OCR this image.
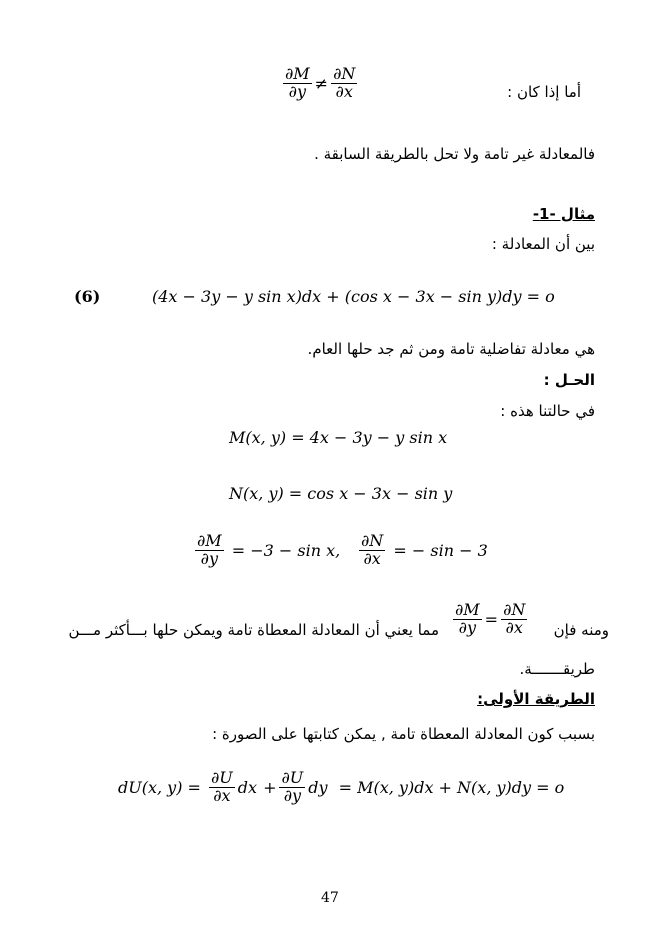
$\frac{\partial M}{\partial y} \ne \frac{\partial N}{\partial x}$	أما إذا كان :
فالمعادلة غير تامة ولا تحل بالطريقة السابقة .
مثال -1-
بين أن المعادلة :
(6)	(4x − 3y − y sin x)dx + (cos x − 3x − sin y)dy = o
هي معادلة تفاضلية تامة ومن ثم جد حلها العام.
الحـل :
في حالتنا هذه :
M(x, y) = 4x − 3y − y sin x
N(x, y) = cos x − 3x − sin y
$\frac{\partial M}{\partial y} = -3 - \sin x$, $\frac{\partial N}{\partial x}$ = − sin − 3
ومنه فإن
$\frac{\partial M}{\partial y} = \frac{\partial N}{\partial x}$
مما يعني أن المعادلة المعطاة تامة ويمكن حلها بـــأكثر مـــن
طريقـــــــة.
الطريقة الأولى:
بسبب كون المعادلة المعطاة تامة , يمكن كتابتها على الصورة :
dU(x, $y) = \frac{\partial U}{\partial x}$ dx + $\frac{\partial U}{\partial y}$ dy = M(x, y)dx + N(x, y)dy = o
47
